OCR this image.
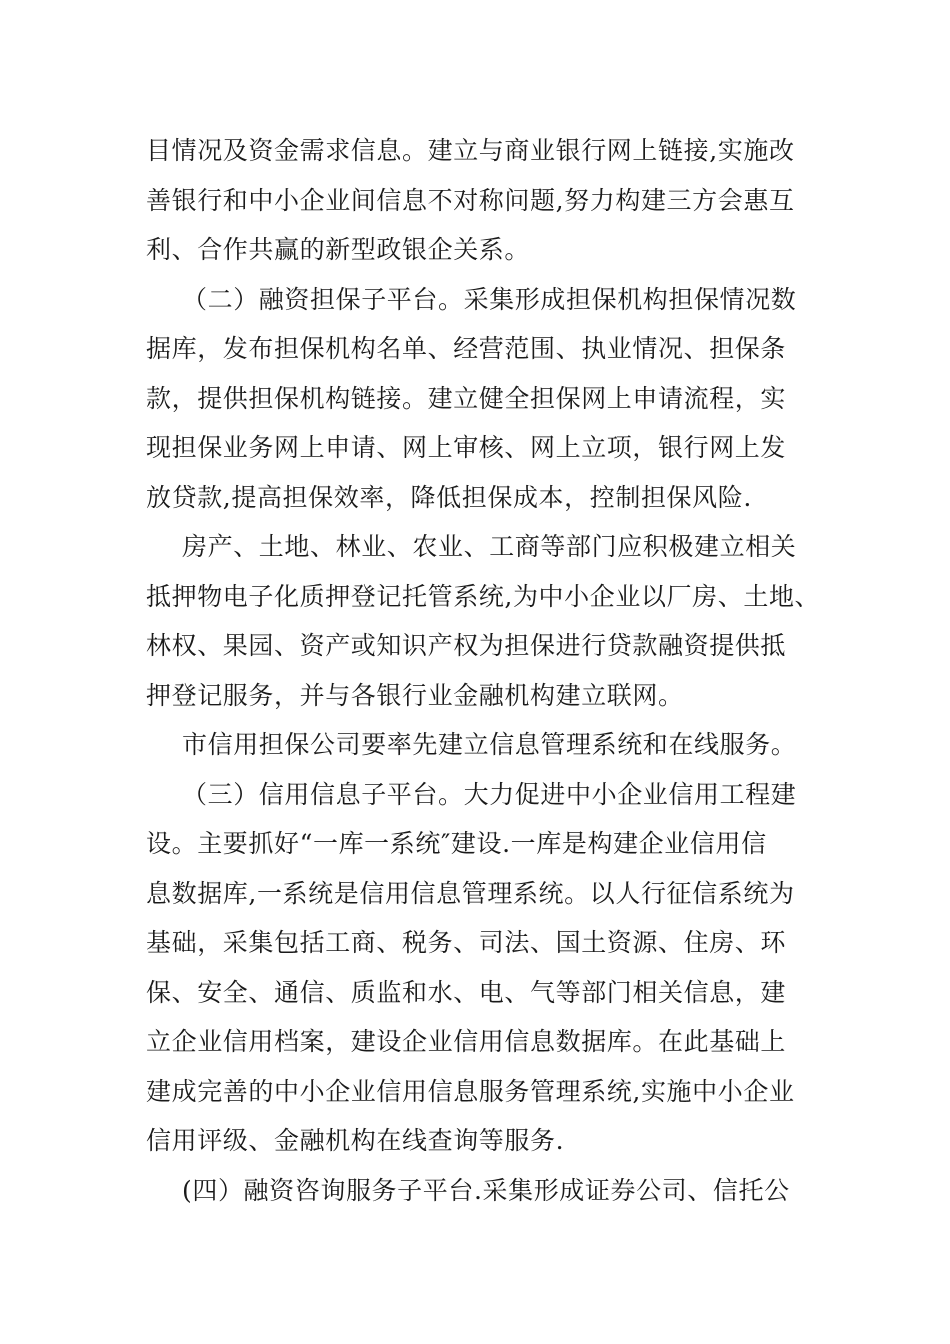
目情况及资金需求信息。建立与商业银行网上链接,实施改
善银行和中小企业间信息不对称问题,努力构建三方会惠互
利、合作共赢的新型政银企关系。
（二）融资担保子平台。采集形成担保机构担保情况数
据库，发布担保机构名单、经营范围、执业情况、担保条
款，提供担保机构链接。建立健全担保网上申请流程，实
现担保业务网上申请、网上审核、网上立项，银行网上发
放贷款,提高担保效率，降低担保成本，控制担保风险.
房产、土地、林业、农业、工商等部门应积极建立相关
抵押物电子化质押登记托管系统,为中小企业以厂房、土地、
林权、果园、资产或知识产权为担保进行贷款融资提供抵
押登记服务，并与各银行业金融机构建立联网。
市信用担保公司要率先建立信息管理系统和在线服务。
（三）信用信息子平台。大力促进中小企业信用工程建
设。主要抓好“一库一系统″建设.一库是构建企业信用信
息数据库,一系统是信用信息管理系统。以人行征信系统为
基础，采集包括工商、税务、司法、国土资源、住房、环
保、安全、通信、质监和水、电、气等部门相关信息，建
立企业信用档案，建设企业信用信息数据库。在此基础上
建成完善的中小企业信用信息服务管理系统,实施中小企业
信用评级、金融机构在线查询等服务.
(四）融资咨询服务子平台.采集形成证券公司、信托公
